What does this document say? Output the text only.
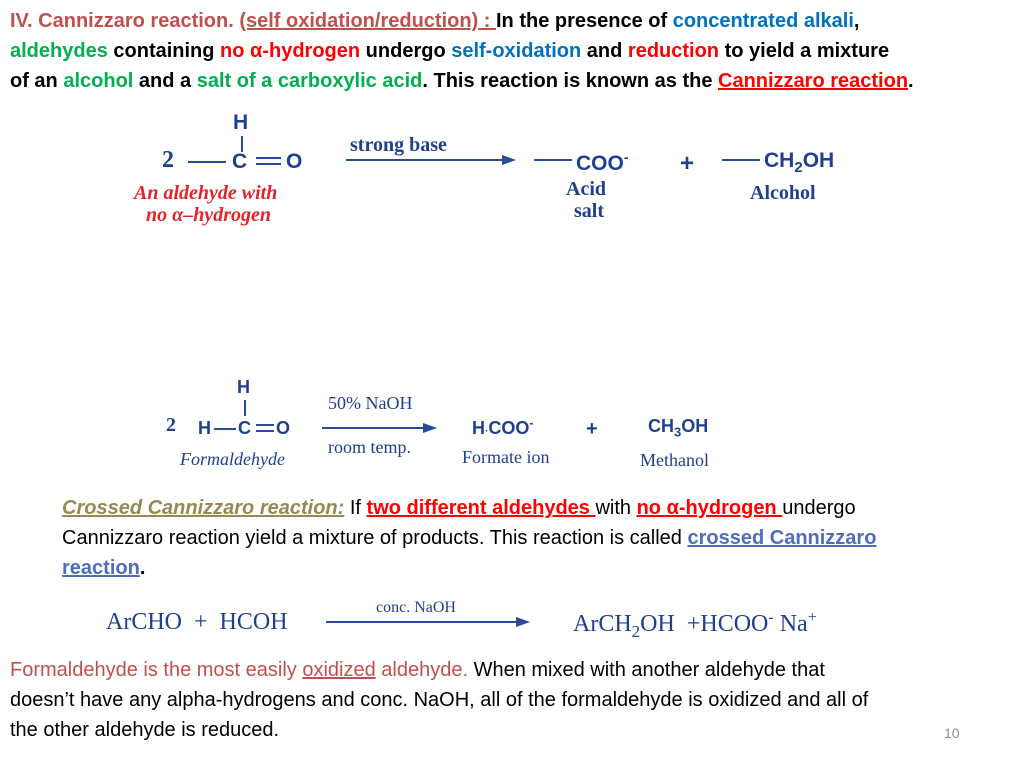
IV. Cannizzaro reaction. (self oxidation/reduction) : In the presence of concentrated alkali,
aldehydes containing no α-hydrogen undergo self-oxidation and reduction to yield a mixture
of an alcohol and a salt of a carboxylic acid. This reaction is known as the Cannizzaro reaction.
H
2	C O
strong base
COO- +	$CH_2OH$
An aldehyde with
no α–hydrogen
Acid
salt
Alcohol
H
2 H C O
50% NaOH
room temp.
H·COO-	+	$CH_3OH$
Formaldehyde	Formate ion	Methanol
Crossed Cannizzaro reaction: If two different aldehydes with no α-hydrogen undergo
Cannizzaro reaction yield a mixture of products. This reaction is called crossed Cannizzaro
reaction.
ArCHO  +  HCOH
conc. NaOH
ArCH$_2$OH  +HCOO- Na+
Formaldehyde is the most easily oxidized aldehyde. When mixed with another aldehyde that
doesn’t have any alpha-hydrogens and conc. NaOH, all of the formaldehyde is oxidized and all of
the other aldehyde is reduced.	10
